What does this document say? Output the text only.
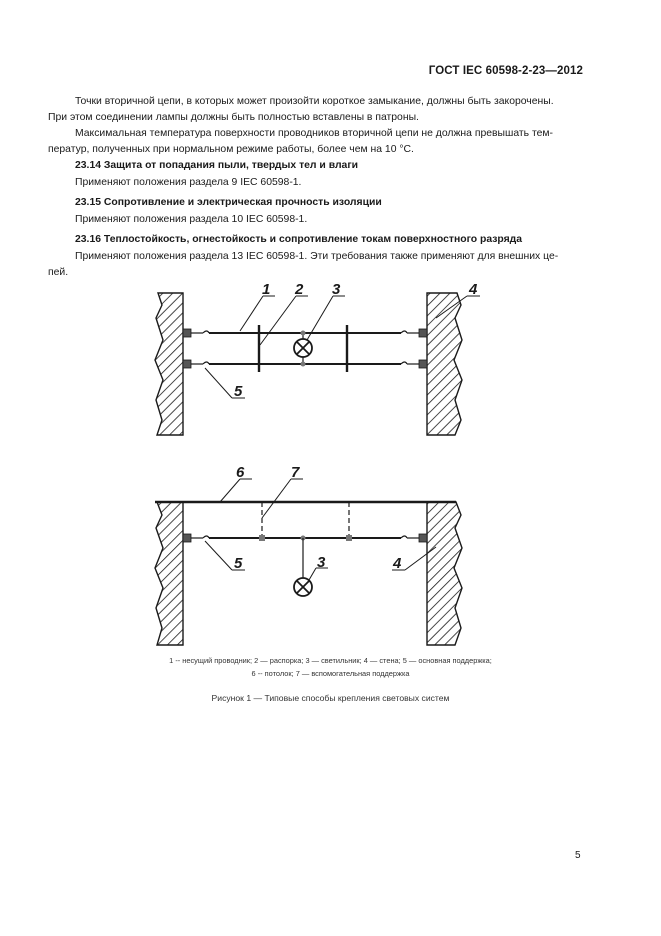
ГОСТ IEC 60598-2-23—2012
Точки вторичной цепи, в которых может произойти короткое замыкание, должны быть закорочены.
При этом соединении лампы должны быть полностью вставлены в патроны.
Максимальная температура поверхности проводников вторичной цепи не должна превышать тем-
ператур, полученных при нормальном режиме работы, более чем на 10 °С.
23.14 Защита от попадания пыли, твердых тел и влаги
Применяют положения раздела 9 IEC 60598-1.
23.15 Сопротивление и электрическая прочность изоляции
Применяют положения раздела 10 IEC 60598-1.
23.16 Теплостойкость, огнестойкость и сопротивление токам поверхностного разряда
Применяют положения раздела 13 IEC 60598-1. Эти требования также применяют для внешних це-
пей.
1 2 3	4
5
6	7
3
5	4
1 -- несущий проводник; 2 — распорка; 3 — светильник; 4 — стена; 5 — основная поддержка;
6 -- потолок; 7 — вспомогательная поддержка
Рисунок 1 — Типовые способы крепления световых систем
5
